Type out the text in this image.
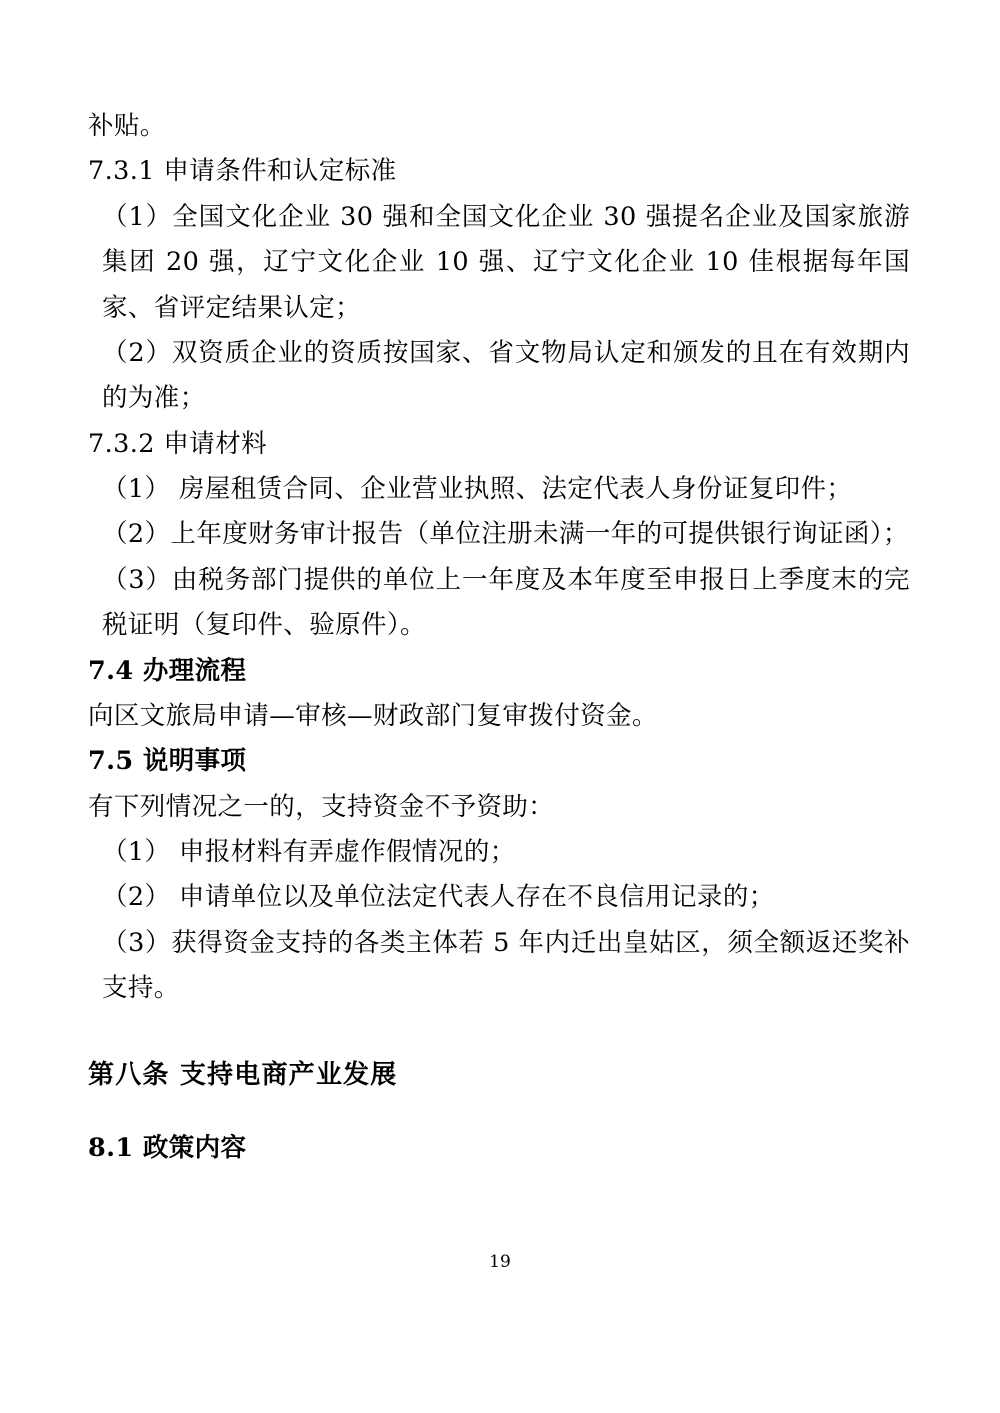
补贴。

7.3.1 申请条件和认定标准

（1）全国文化企业 30 强和全国文化企业 30 强提名企业及国家旅游集团 20 强，辽宁文化企业 10 强、辽宁文化企业 10 佳根据每年国家、省评定结果认定；

（2）双资质企业的资质按国家、省文物局认定和颁发的且在有效期内的为准；

7.3.2 申请材料

（1） 房屋租赁合同、企业营业执照、法定代表人身份证复印件；

（2）上年度财务审计报告（单位注册未满一年的可提供银行询证函）；

（3）由税务部门提供的单位上一年度及本年度至申报日上季度末的完税证明（复印件、验原件）。

7.4 办理流程

向区文旅局申请—审核—财政部门复审拨付资金。

7.5 说明事项

有下列情况之一的，支持资金不予资助：

（1） 申报材料有弄虚作假情况的；

（2） 申请单位以及单位法定代表人存在不良信用记录的；

（3）获得资金支持的各类主体若 5 年内迁出皇姑区，须全额返还奖补支持。

第八条 支持电商产业发展

8.1 政策内容

19
